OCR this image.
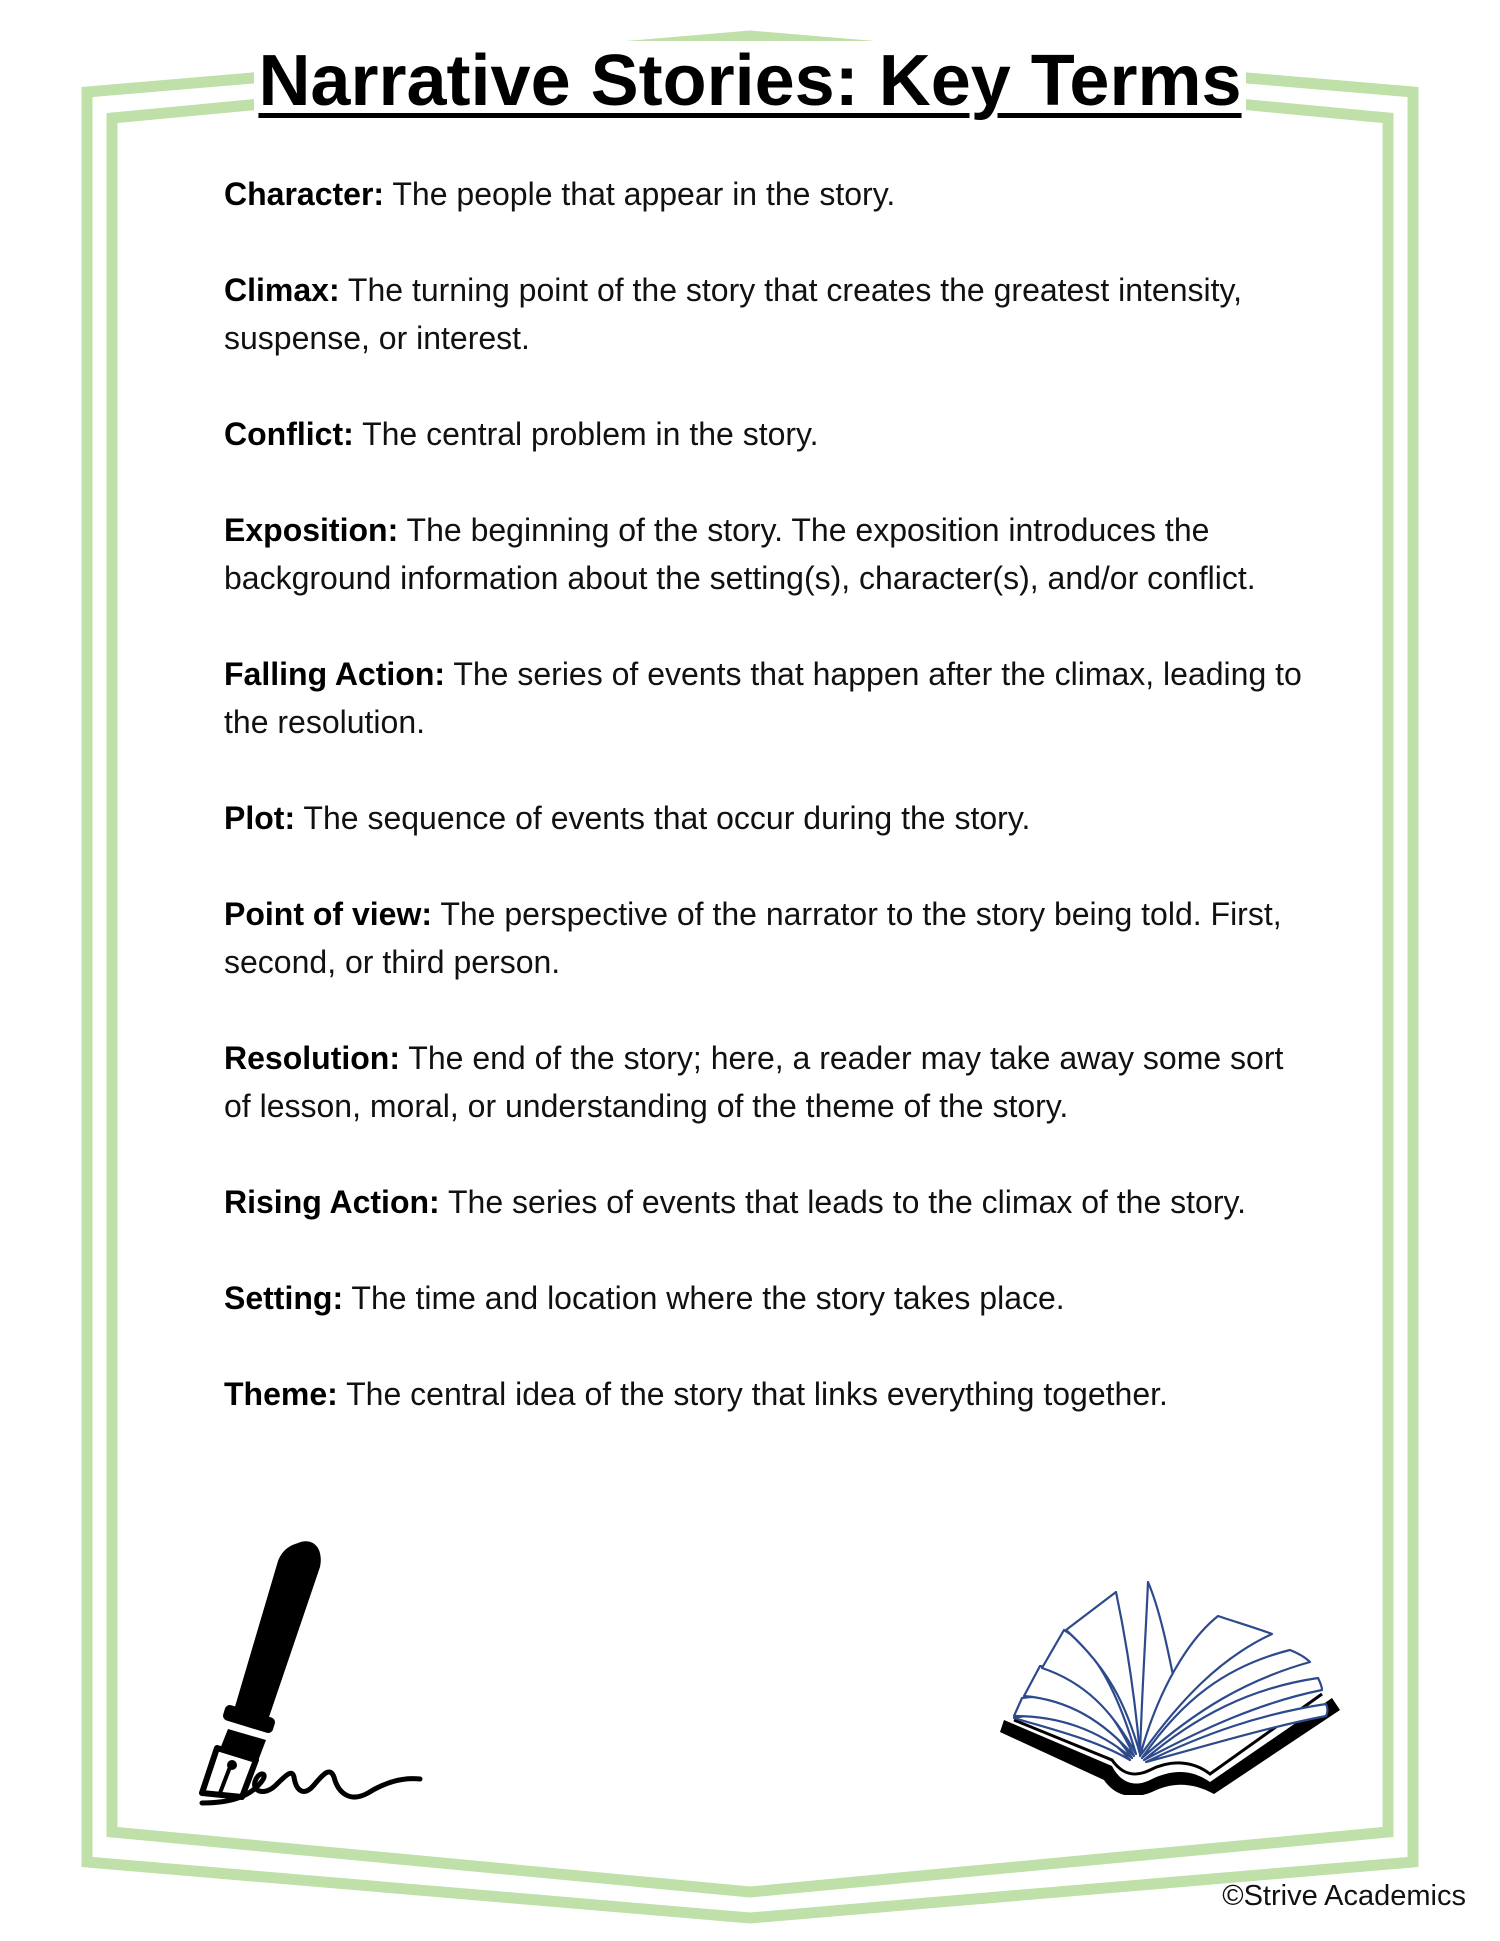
Narrative Stories: Key Terms
Character: The people that appear in the story.
Climax: The turning point of the story that creates the greatest intensity, suspense, or interest.
Conflict: The central problem in the story.
Exposition: The beginning of the story. The exposition introduces the background information about the setting(s), character(s), and/or conflict.
Falling Action: The series of events that happen after the climax, leading to the resolution.
Plot: The sequence of events that occur during the story.
Point of view: The perspective of the narrator to the story being told. First, second, or third person.
Resolution: The end of the story; here, a reader may take away some sort of lesson, moral, or understanding of the theme of the story.
Rising Action: The series of events that leads to the climax of the story.
Setting: The time and location where the story takes place.
Theme: The central idea of the story that links everything together.

©Strive Academics
